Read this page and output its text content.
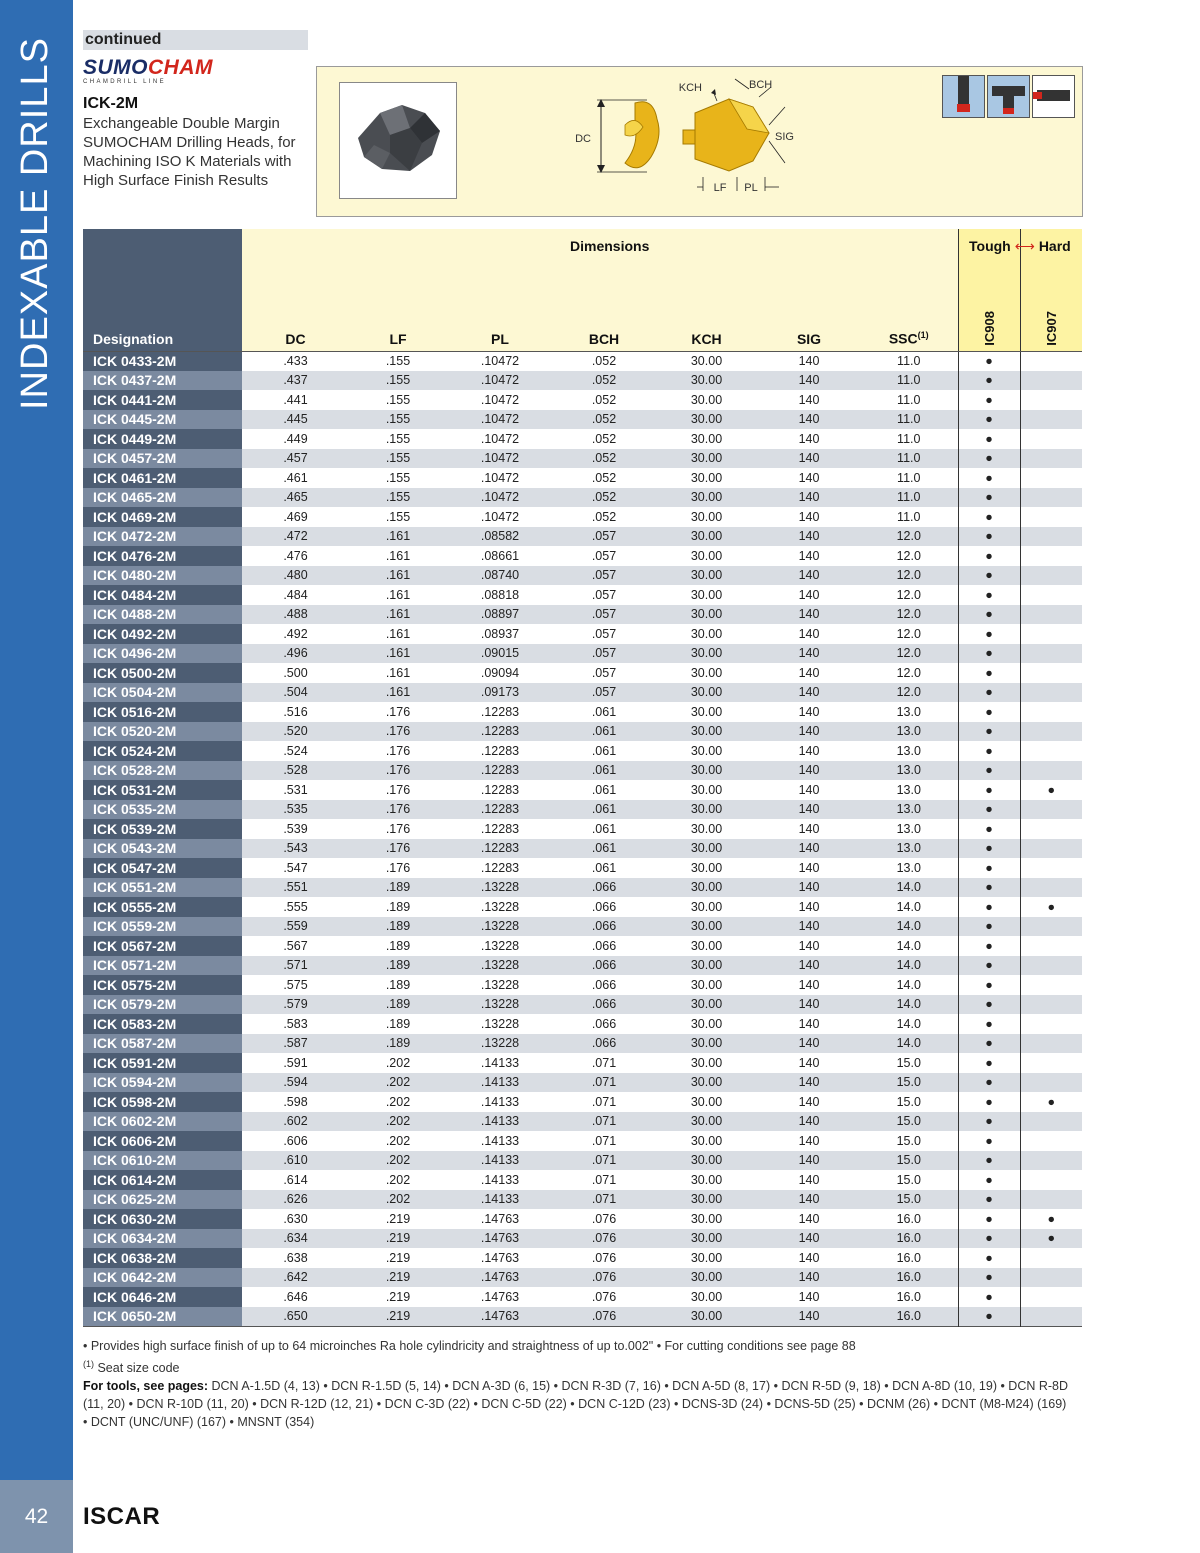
INDEXABLE DRILLS
42	ISCAR
continued
SUMOCHAM
CHAMDRILL LINE
ICK-2M
Exchangeable Double Margin SUMOCHAM Drilling Heads, for Machining ISO K Materials with High Surface Finish Results
DC
KCH	BCH
SIG
LF PL
Designation	DC	LF	PL	BCH	KCH	SIG	SSC$^{(1)}$	IC908	IC907
ICK 0433-2M	.433	.155	.10472	.052	30.00	140	11.0	●	
ICK 0437-2M	.437	.155	.10472	.052	30.00	140	11.0	●	
ICK 0441-2M	.441	.155	.10472	.052	30.00	140	11.0	●	
ICK 0445-2M	.445	.155	.10472	.052	30.00	140	11.0	●	
ICK 0449-2M	.449	.155	.10472	.052	30.00	140	11.0	●	
ICK 0457-2M	.457	.155	.10472	.052	30.00	140	11.0	●	
ICK 0461-2M	.461	.155	.10472	.052	30.00	140	11.0	●	
ICK 0465-2M	.465	.155	.10472	.052	30.00	140	11.0	●	
ICK 0469-2M	.469	.155	.10472	.052	30.00	140	11.0	●	
ICK 0472-2M	.472	.161	.08582	.057	30.00	140	12.0	●	
ICK 0476-2M	.476	.161	.08661	.057	30.00	140	12.0	●	
ICK 0480-2M	.480	.161	.08740	.057	30.00	140	12.0	●	
ICK 0484-2M	.484	.161	.08818	.057	30.00	140	12.0	●	
ICK 0488-2M	.488	.161	.08897	.057	30.00	140	12.0	●	
ICK 0492-2M	.492	.161	.08937	.057	30.00	140	12.0	●	
ICK 0496-2M	.496	.161	.09015	.057	30.00	140	12.0	●	
ICK 0500-2M	.500	.161	.09094	.057	30.00	140	12.0	●	
ICK 0504-2M	.504	.161	.09173	.057	30.00	140	12.0	●	
ICK 0516-2M	.516	.176	.12283	.061	30.00	140	13.0	●	
ICK 0520-2M	.520	.176	.12283	.061	30.00	140	13.0	●	
ICK 0524-2M	.524	.176	.12283	.061	30.00	140	13.0	●	
ICK 0528-2M	.528	.176	.12283	.061	30.00	140	13.0	●	
ICK 0531-2M	.531	.176	.12283	.061	30.00	140	13.0	●	●
ICK 0535-2M	.535	.176	.12283	.061	30.00	140	13.0	●	
ICK 0539-2M	.539	.176	.12283	.061	30.00	140	13.0	●	
ICK 0543-2M	.543	.176	.12283	.061	30.00	140	13.0	●	
ICK 0547-2M	.547	.176	.12283	.061	30.00	140	13.0	●	
ICK 0551-2M	.551	.189	.13228	.066	30.00	140	14.0	●	
ICK 0555-2M	.555	.189	.13228	.066	30.00	140	14.0	●	●
ICK 0559-2M	.559	.189	.13228	.066	30.00	140	14.0	●	
ICK 0567-2M	.567	.189	.13228	.066	30.00	140	14.0	●	
ICK 0571-2M	.571	.189	.13228	.066	30.00	140	14.0	●	
ICK 0575-2M	.575	.189	.13228	.066	30.00	140	14.0	●	
ICK 0579-2M	.579	.189	.13228	.066	30.00	140	14.0	●	
ICK 0583-2M	.583	.189	.13228	.066	30.00	140	14.0	●	
ICK 0587-2M	.587	.189	.13228	.066	30.00	140	14.0	●	
ICK 0591-2M	.591	.202	.14133	.071	30.00	140	15.0	●	
ICK 0594-2M	.594	.202	.14133	.071	30.00	140	15.0	●	
ICK 0598-2M	.598	.202	.14133	.071	30.00	140	15.0	●	●
ICK 0602-2M	.602	.202	.14133	.071	30.00	140	15.0	●	
ICK 0606-2M	.606	.202	.14133	.071	30.00	140	15.0	●	
ICK 0610-2M	.610	.202	.14133	.071	30.00	140	15.0	●	
ICK 0614-2M	.614	.202	.14133	.071	30.00	140	15.0	●	
ICK 0625-2M	.626	.202	.14133	.071	30.00	140	15.0	●	
ICK 0630-2M	.630	.219	.14763	.076	30.00	140	16.0	●	●
ICK 0634-2M	.634	.219	.14763	.076	30.00	140	16.0	●	●
ICK 0638-2M	.638	.219	.14763	.076	30.00	140	16.0	●	
ICK 0642-2M	.642	.219	.14763	.076	30.00	140	16.0	●	
ICK 0646-2M	.646	.219	.14763	.076	30.00	140	16.0	●	
ICK 0650-2M	.650	.219	.14763	.076	30.00	140	16.0	●	
Dimensions	Tough ⟷ Hard
• Provides high surface finish of up to 64 microinches Ra hole cylindricity and straightness of up to.002" • For cutting conditions see page 88
$^{(1)}$ Seat size code
For tools, see pages: DCN A-1.5D (4, 13) • DCN R-1.5D (5, 14) • DCN A-3D (6, 15) • DCN R-3D (7, 16) • DCN A-5D (8, 17) • DCN R-5D (9, 18) • DCN A-8D (10, 19) • DCN R-8D (11, 20) • DCN R-10D (11, 20) • DCN R-12D (12, 21) • DCN C-3D (22) • DCN C-5D (22) • DCN C-12D (23) • DCNS-3D (24) • DCNS-5D (25) • DCNM (26) • DCNT (M8-M24) (169) • DCNT (UNC/UNF) (167) • MNSNT (354)
